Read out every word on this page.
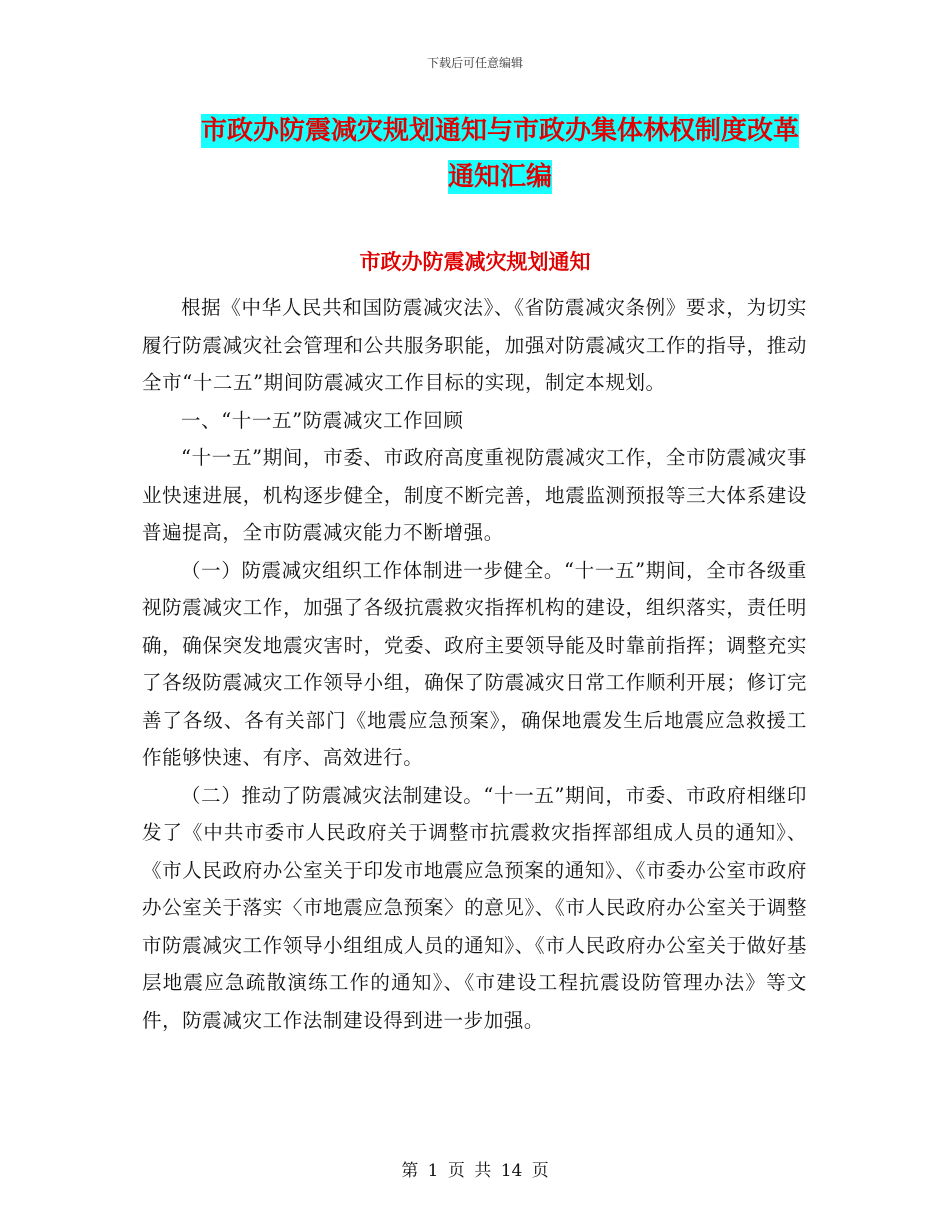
下载后可任意编辑
市政办防震减灾规划通知与市政办集体林权制度改革
通知汇编
市政办防震减灾规划通知

根据《中华人民共和国防震减灾法》、《省防震减灾条例》要求，为切实履行防震减灾社会管理和公共服务职能，加强对防震减灾工作的指导，推动全市“十二五”期间防震减灾工作目标的实现，制定本规划。

一、“十一五”防震减灾工作回顾

“十一五”期间，市委、市政府高度重视防震减灾工作，全市防震减灾事业快速进展，机构逐步健全，制度不断完善，地震监测预报等三大体系建设普遍提高，全市防震减灾能力不断增强。

（一）防震减灾组织工作体制进一步健全。“十一五”期间，全市各级重视防震减灾工作，加强了各级抗震救灾指挥机构的建设，组织落实，责任明确，确保突发地震灾害时，党委、政府主要领导能及时靠前指挥；调整充实了各级防震减灾工作领导小组，确保了防震减灾日常工作顺利开展；修订完善了各级、各有关部门《地震应急预案》，确保地震发生后地震应急救援工作能够快速、有序、高效进行。

（二）推动了防震减灾法制建设。“十一五”期间，市委、市政府相继印发了《中共市委市人民政府关于调整市抗震救灾指挥部组成人员的通知》、《市人民政府办公室关于印发市地震应急预案的通知》、《市委办公室市政府办公室关于落实〈市地震应急预案〉的意见》、《市人民政府办公室关于调整市防震减灾工作领导小组组成人员的通知》、《市人民政府办公室关于做好基层地震应急疏散演练工作的通知》、《市建设工程抗震设防管理办法》等文件，防震减灾工作法制建设得到进一步加强。

第 1 页 共 14 页
